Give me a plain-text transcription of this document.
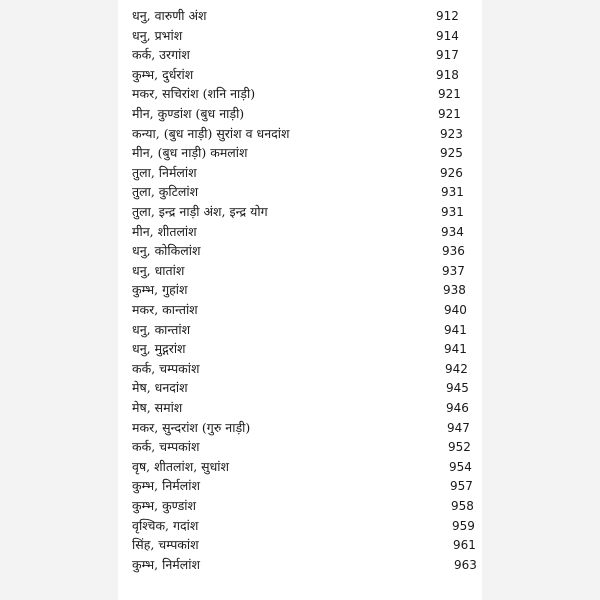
धनु, वारुणी अंश	912
धनु, प्रभांश	914
कर्क, उरगांश	917
कुम्भ, दुर्धरांश	918
मकर, सचिरांश (शनि नाड़ी)	921
मीन, कुण्डांश (बुध नाड़ी)	921
कन्या, (बुध नाड़ी) सुरांश व धनदांश	923
मीन, (बुध नाड़ी) कमलांश	925
तुला, निर्मलांश	926
तुला, कुटिलांश	931
तुला, इन्द्र नाड़ी अंश, इन्द्र योग	931
मीन, शीतलांश	934
धनु, कोकिलांश	936
धनु, धातांश	937
कुम्भ, गुहांश	938
मकर, कान्तांश	940
धनु, कान्तांश	941
धनु, मुद्गरांश	941
कर्क, चम्पकांश	942
मेष, धनदांश	945
मेष, समांश	946
मकर, सुन्दरांश (गुरु नाड़ी)	947
कर्क, चम्पकांश	952
वृष, शीतलांश, सुधांश	954
कुम्भ, निर्मलांश	957
कुम्भ, कुण्डांश	958
वृश्चिक, गदांश	959
सिंह, चम्पकांश	961
कुम्भ, निर्मलांश	963
